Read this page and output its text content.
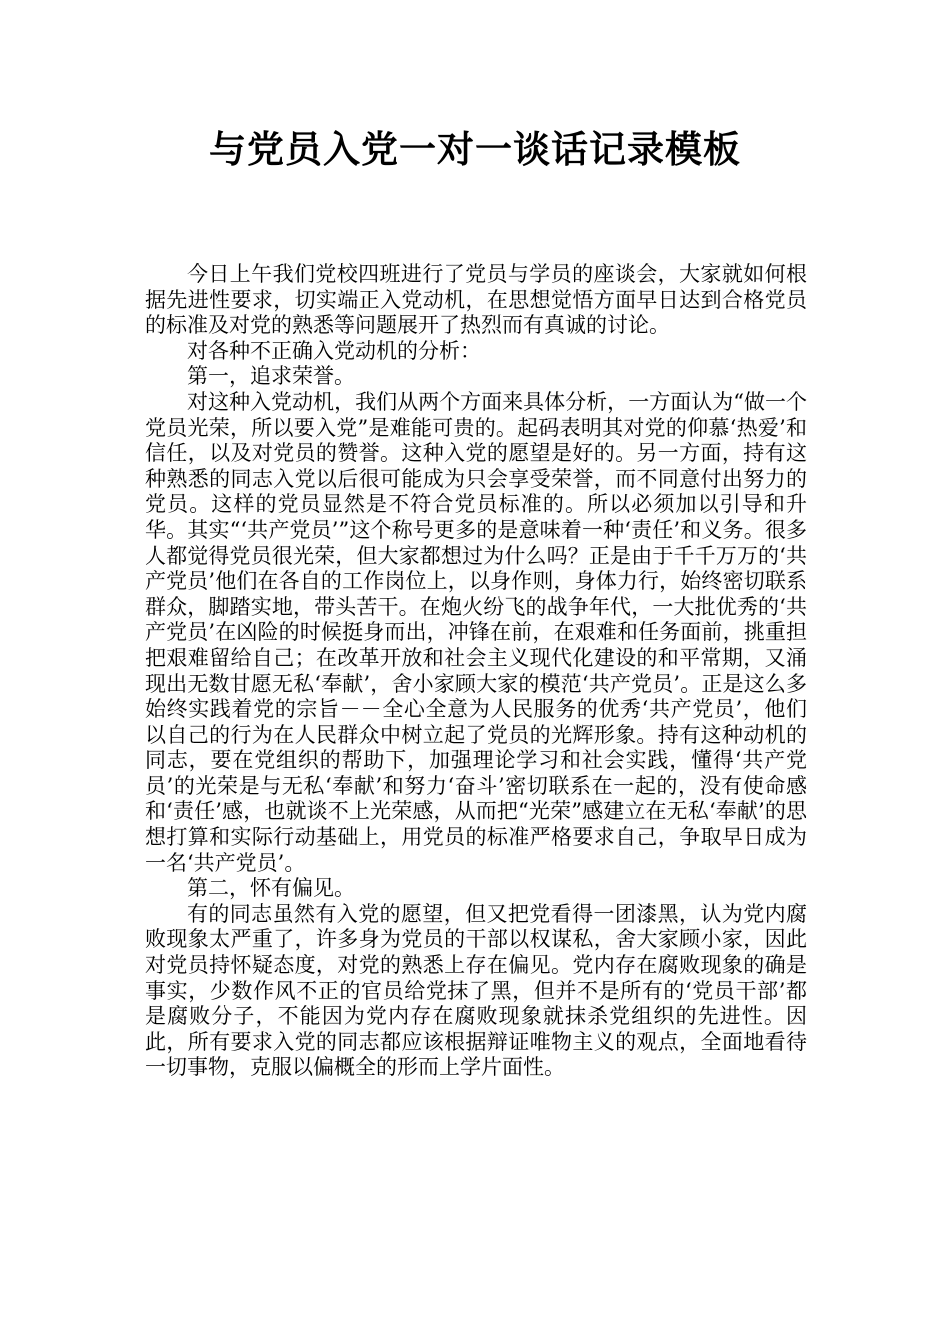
与党员入党一对一谈话记录模板

今日上午我们党校四班进行了党员与学员的座谈会，大家就如何根据先进性要求，切实端正入党动机，在思想觉悟方面早日达到合格党员的标准及对党的熟悉等问题展开了热烈而有真诚的讨论。

对各种不正确入党动机的分析：

第一，追求荣誉。

对这种入党动机，我们从两个方面来具体分析，一方面认为“做一个党员光荣，所以要入党”是难能可贵的。起码表明其对党的仰慕‘热爱’和信任，以及对党员的赞誉。这种入党的愿望是好的。另一方面，持有这种熟悉的同志入党以后很可能成为只会享受荣誉，而不同意付出努力的党员。这样的党员显然是不符合党员标准的。所以必须加以引导和升华。其实“‘共产党员’”这个称号更多的是意味着一种‘责任’和义务。很多人都觉得党员很光荣，但大家都想过为什么吗？正是由于千千万万的‘共产党员’他们在各自的工作岗位上，以身作则，身体力行，始终密切联系群众，脚踏实地，带头苦干。在炮火纷飞的战争年代，一大批优秀的‘共产党员’在凶险的时候挺身而出，冲锋在前，在艰难和任务面前，挑重担把艰难留给自己；在改革开放和社会主义现代化建设的和平常期，又涌现出无数甘愿无私‘奉献’，舍小家顾大家的模范‘共产党员’。正是这么多始终实践着党的宗旨－－全心全意为人民服务的优秀‘共产党员’，他们以自己的行为在人民群众中树立起了党员的光辉形象。持有这种动机的同志，要在党组织的帮助下，加强理论学习和社会实践，懂得‘共产党员’的光荣是与无私‘奉献’和努力‘奋斗’密切联系在一起的，没有使命感和‘责任’感，也就谈不上光荣感，从而把“光荣”感建立在无私‘奉献’的思想打算和实际行动基础上，用党员的标准严格要求自己，争取早日成为一名‘共产党员’。

第二，怀有偏见。

有的同志虽然有入党的愿望，但又把党看得一团漆黑，认为党内腐败现象太严重了，许多身为党员的干部以权谋私，舍大家顾小家，因此对党员持怀疑态度，对党的熟悉上存在偏见。党内存在腐败现象的确是事实，少数作风不正的官员给党抹了黑，但并不是所有的‘党员干部’都是腐败分子，不能因为党内存在腐败现象就抹杀党组织的先进性。因此，所有要求入党的同志都应该根据辩证唯物主义的观点，全面地看待一切事物，克服以偏概全的形而上学片面性。
